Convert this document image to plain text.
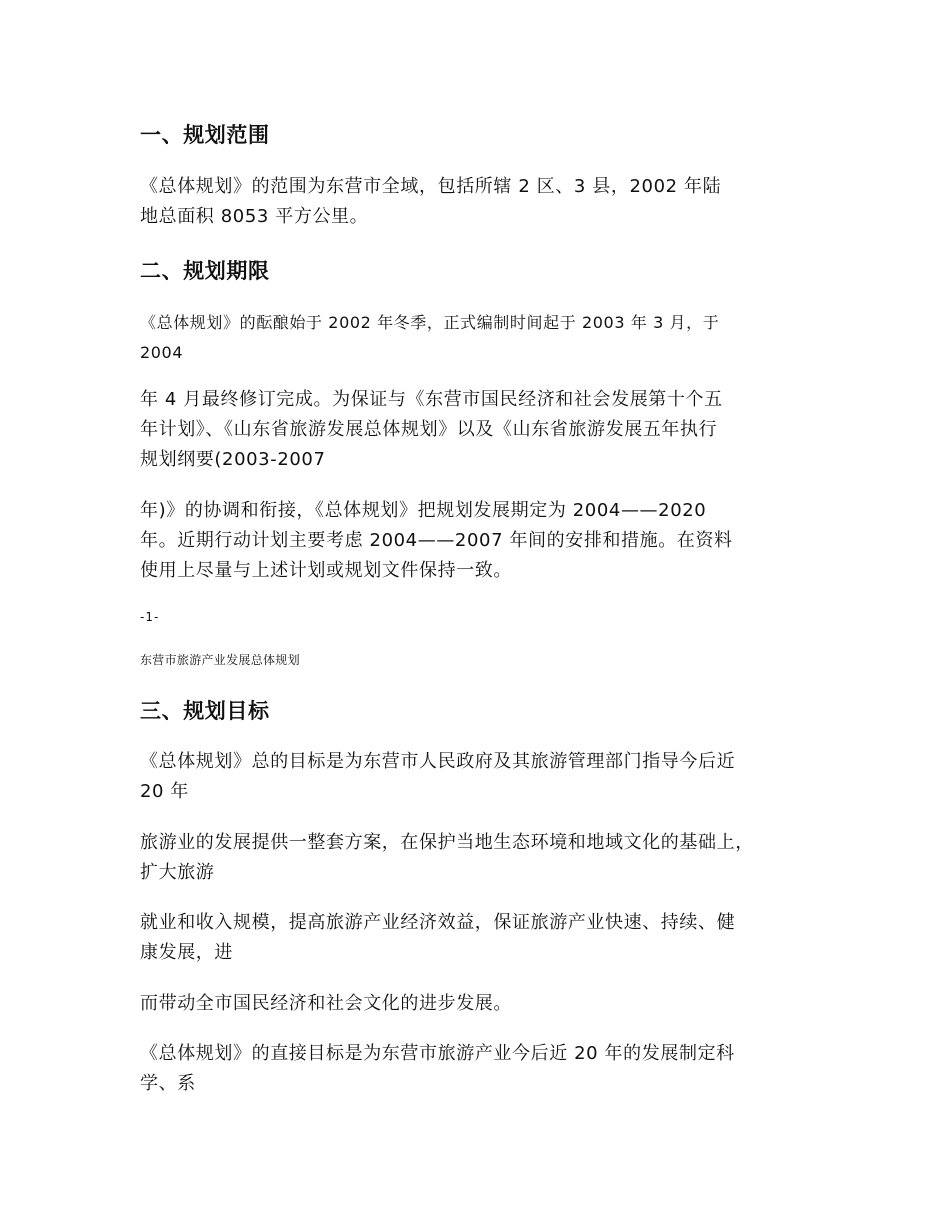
一、规划范围

《总体规划》的范围为东营市全域，包括所辖 2 区、3 县，2002 年陆
地总面积 8053 平方公里。

二、规划期限

《总体规划》的酝酿始于 2002 年冬季，正式编制时间起于 2003 年 3 月，于
2004

年 4 月最终修订完成。为保证与《东营市国民经济和社会发展第十个五
年计划》、《山东省旅游发展总体规划》以及《山东省旅游发展五年执行
规划纲要(2003-2007

年)》的协调和衔接，《总体规划》把规划发展期定为 2004——2020
年。近期行动计划主要考虑 2004——2007 年间的安排和措施。在资料
使用上尽量与上述计划或规划文件保持一致。

-1-
东营市旅游产业发展总体规划
三、规划目标

《总体规划》总的目标是为东营市人民政府及其旅游管理部门指导今后近
20 年

旅游业的发展提供一整套方案，在保护当地生态环境和地域文化的基础上，
扩大旅游

就业和收入规模，提高旅游产业经济效益，保证旅游产业快速、持续、健
康发展，进

而带动全市国民经济和社会文化的进步发展。

《总体规划》的直接目标是为东营市旅游产业今后近 20 年的发展制定科
学、系
